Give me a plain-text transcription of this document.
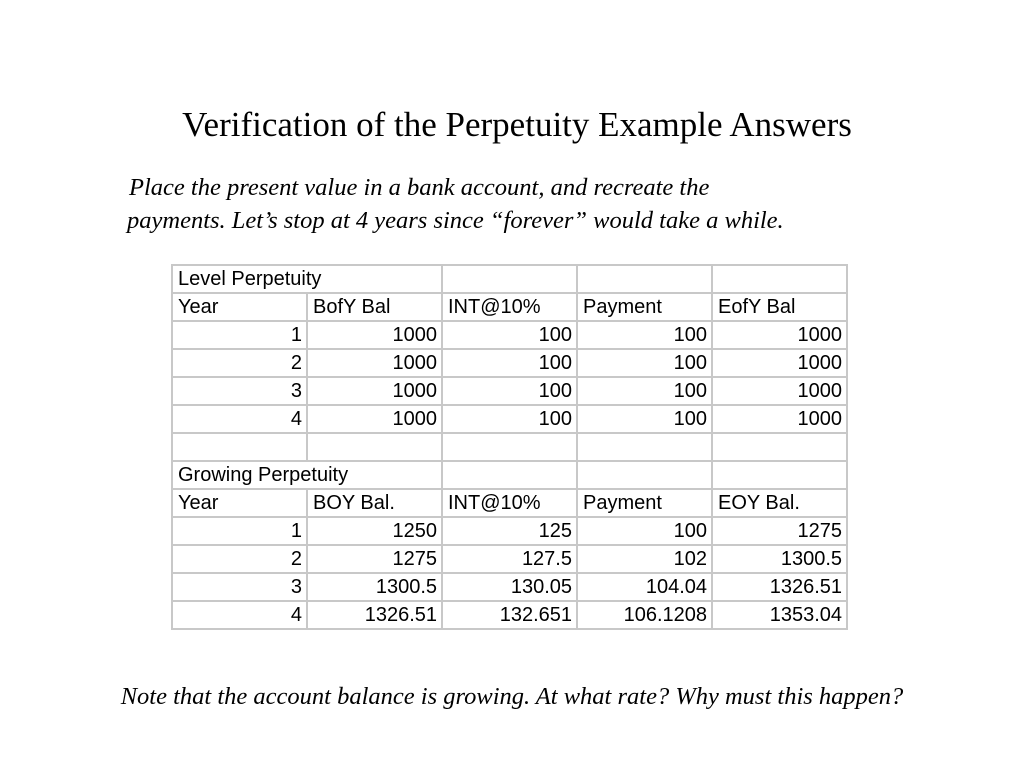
Verification of the Perpetuity Example Answers
Place the present value in a bank account, and recreate the
payments. Let’s stop at 4 years since “forever” would take a while.
Level Perpetuity				
Year	BofY Bal	INT@10%	Payment	EofY Bal
1	1000	100	100	1000
2	1000	100	100	1000
3	1000	100	100	1000
4	1000	100	100	1000

Growing Perpetuity				
Year	BOY Bal.	INT@10%	Payment	EOY Bal.
1	1250	125	100	1275
2	1275	127.5	102	1300.5
3	1300.5	130.05	104.04	1326.51
4	1326.51	132.651	106.1208	1353.04
Note that the account balance is growing. At what rate? Why must this happen?
